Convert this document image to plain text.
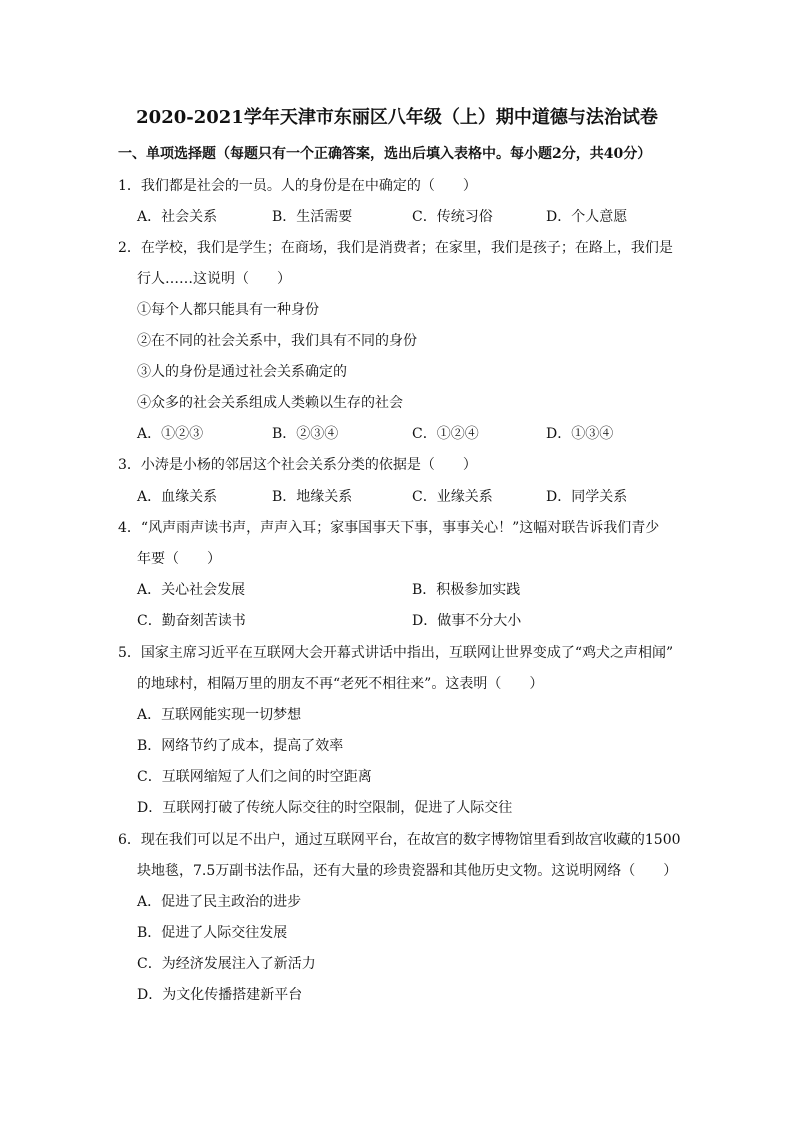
2020-2021学年天津市东丽区八年级（上）期中道德与法治试卷
一、单项选择题（每题只有一个正确答案，选出后填入表格中。每小题2分，共40分）
1．我们都是社会的一员。人的身份是在中确定的（　　）
A．社会关系	B．生活需要	C．传统习俗	D．个人意愿
2．在学校，我们是学生；在商场，我们是消费者；在家里，我们是孩子；在路上，我们是
行人……这说明（　　）
①每个人都只能具有一种身份
②在不同的社会关系中，我们具有不同的身份
③人的身份是通过社会关系确定的
④众多的社会关系组成人类赖以生存的社会
A．①②③	B．②③④	C．①②④	D．①③④
3．小涛是小杨的邻居这个社会关系分类的依据是（　　）
A．血缘关系	B．地缘关系	C．业缘关系	D．同学关系
4．“风声雨声读书声，声声入耳；家事国事天下事，事事关心！”这幅对联告诉我们青少
年要（　　）
A．关心社会发展	B．积极参加实践
C．勤奋刻苦读书	D．做事不分大小
5．国家主席习近平在互联网大会开幕式讲话中指出，互联网让世界变成了“鸡犬之声相闻”
的地球村，相隔万里的朋友不再“老死不相往来”。这表明（　　）
A．互联网能实现一切梦想
B．网络节约了成本，提高了效率
C．互联网缩短了人们之间的时空距离
D．互联网打破了传统人际交往的时空限制，促进了人际交往
6．现在我们可以足不出户，通过互联网平台，在故宫的数字博物馆里看到故宫收藏的1500
块地毯，7.5万副书法作品，还有大量的珍贵瓷器和其他历史文物。这说明网络（　　）
A．促进了民主政治的进步
B．促进了人际交往发展
C．为经济发展注入了新活力
D．为文化传播搭建新平台
